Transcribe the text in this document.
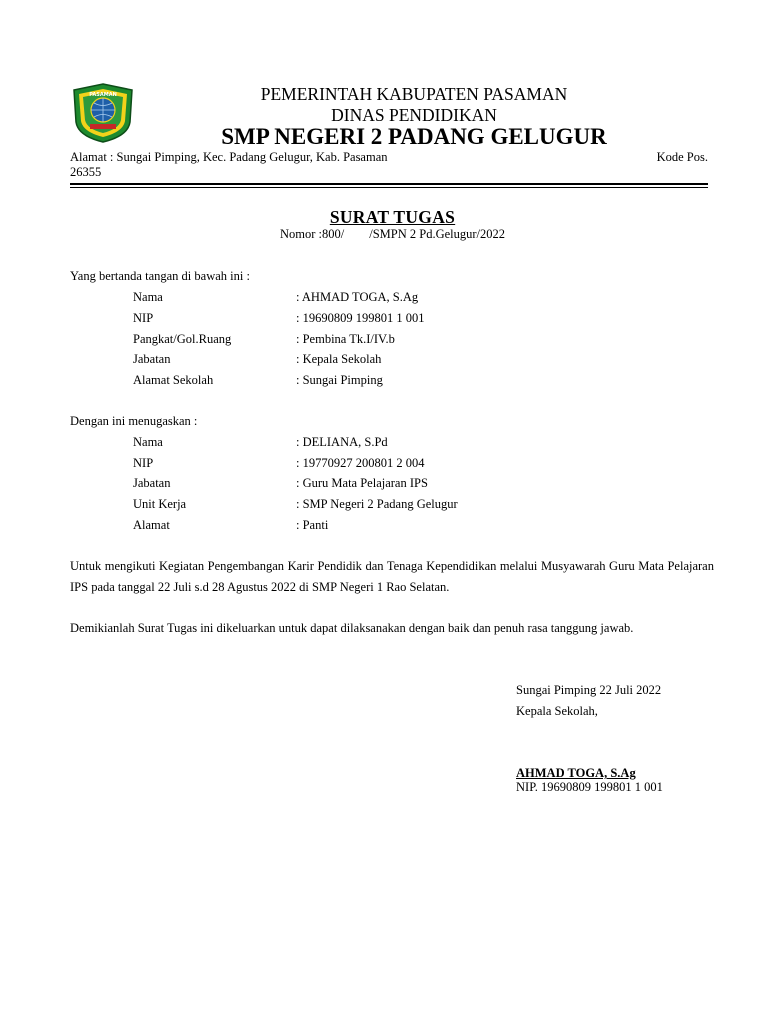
PASAMAN	PEMERINTAH KABUPATEN PASAMAN
DINAS PENDIDIKAN
SMP NEGERI 2 PADANG GELUGUR
Alamat : Sungai Pimping, Kec. Padang Gelugur, Kab. Pasaman	Kode Pos.
26355
SURAT TUGAS
Nomor :800/        /SMPN 2 Pd.Gelugur/2022
Yang bertanda tangan di bawah ini :
Nama	: AHMAD TOGA, S.Ag
NIP	: 19690809 199801 1 001
Pangkat/Gol.Ruang	: Pembina Tk.I/IV.b
Jabatan	: Kepala Sekolah
Alamat Sekolah	: Sungai Pimping
Dengan ini menugaskan :
Nama	: DELIANA, S.Pd
NIP	: 19770927 200801 2 004
Jabatan	: Guru Mata Pelajaran IPS
Unit Kerja	: SMP Negeri 2 Padang Gelugur
Alamat	: Panti
Untuk mengikuti Kegiatan Pengembangan Karir Pendidik dan Tenaga Kependidikan melalui Musyawarah Guru Mata Pelajaran IPS pada tanggal 22 Juli s.d 28 Agustus 2022 di SMP Negeri 1 Rao Selatan.
Demikianlah Surat Tugas ini dikeluarkan untuk dapat dilaksanakan dengan baik dan penuh rasa tanggung jawab.
Sungai Pimping 22 Juli 2022
Kepala Sekolah,
AHMAD TOGA, S.Ag
NIP. 19690809 199801 1 001
